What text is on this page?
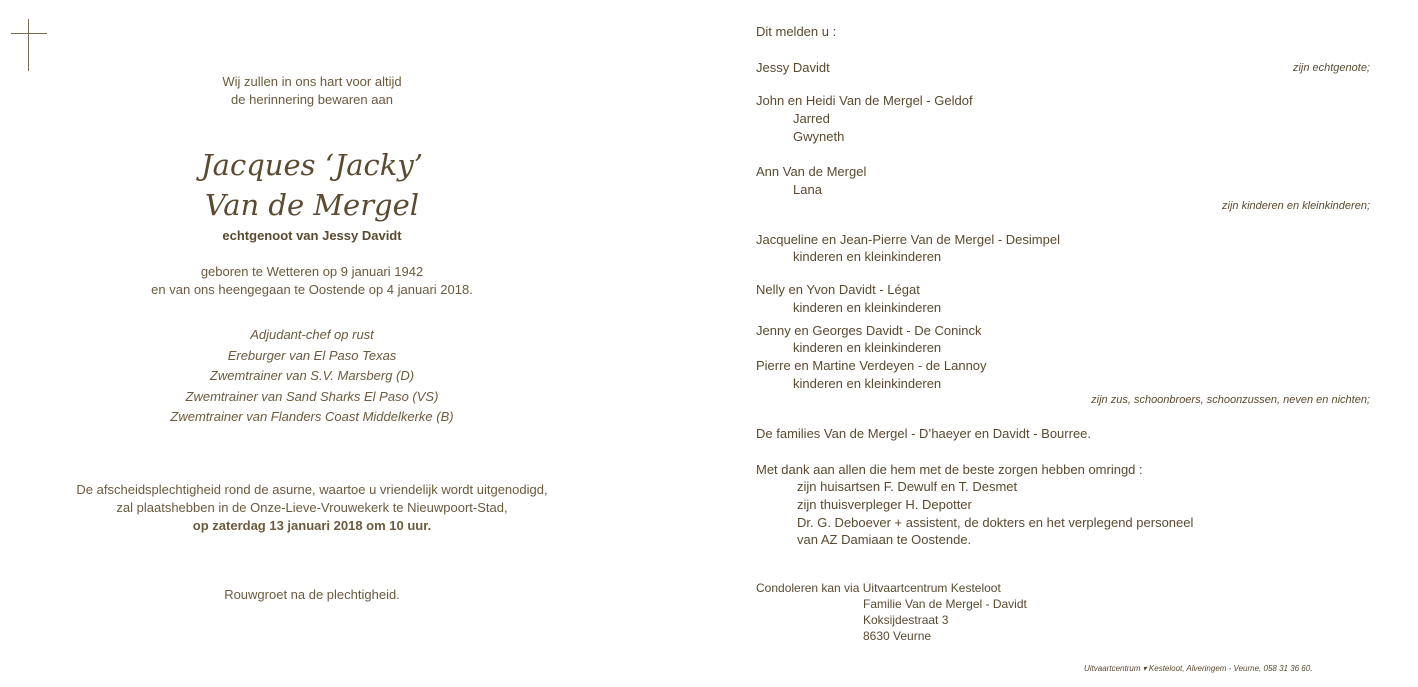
Wij zullen in ons hart voor altijd
de herinnering bewaren aan
Jacques ‘Jacky’
Van de Mergel
echtgenoot van Jessy Davidt
geboren te Wetteren op 9 januari 1942
en van ons heengegaan te Oostende op 4 januari 2018.
Adjudant-chef op rust
Ereburger van El Paso Texas
Zwemtrainer van S.V. Marsberg (D)
Zwemtrainer van Sand Sharks El Paso (VS)
Zwemtrainer van Flanders Coast Middelkerke (B)
De afscheidsplechtigheid rond de asurne, waartoe u vriendelijk wordt uitgenodigd,
zal plaatshebben in de Onze-Lieve-Vrouwekerk te Nieuwpoort-Stad,
op zaterdag 13 januari 2018 om 10 uur.
Rouwgroet na de plechtigheid.
Dit melden u :
Jessy Davidt	zijn echtgenote;
John en Heidi Van de Mergel - Geldof
Jarred
Gwyneth
Ann Van de Mergel
Lana
zijn kinderen en kleinkinderen;
Jacqueline en Jean-Pierre Van de Mergel - Desimpel
kinderen en kleinkinderen
Nelly en Yvon Davidt - Légat
kinderen en kleinkinderen
Jenny en Georges Davidt - De Coninck
kinderen en kleinkinderen
Pierre en Martine Verdeyen - de Lannoy
kinderen en kleinkinderen
zijn zus, schoonbroers, schoonzussen, neven en nichten;
De families Van de Mergel - D’haeyer en Davidt - Bourree.
Met dank aan allen die hem met de beste zorgen hebben omringd :
zijn huisartsen F. Dewulf en T. Desmet
zijn thuisverpleger H. Depotter
Dr. G. Deboever + assistent, de dokters en het verplegend personeel
van AZ Damiaan te Oostende.
Condoleren kan via Uitvaartcentrum Kesteloot
Familie Van de Mergel - Davidt
Koksijdestraat 3
8630 Veurne
Uitvaartcentrum ▾ Kesteloot, Alveringem - Veurne, 058 31 36 60.
